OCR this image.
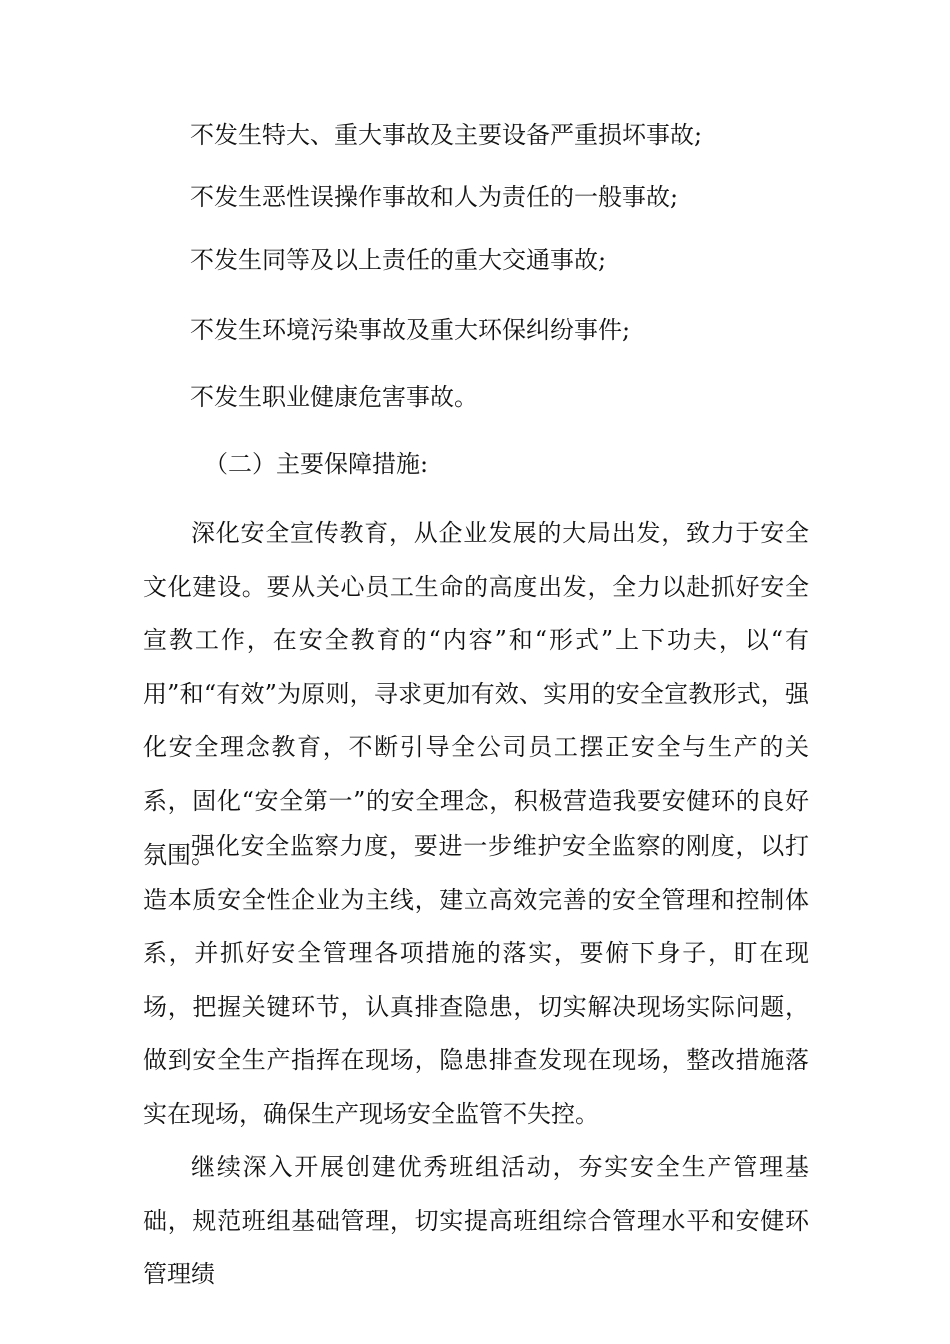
不发生特大、重大事故及主要设备严重损坏事故;
不发生恶性误操作事故和人为责任的一般事故;
不发生同等及以上责任的重大交通事故;
不发生环境污染事故及重大环保纠纷事件;
不发生职业健康危害事故。
（二）主要保障措施:

深化安全宣传教育，从企业发展的大局出发，致力于安全文化建设。要从关心员工生命的高度出发，全力以赴抓好安全宣教工作，在安全教育的“内容”和“形式”上下功夫，以“有用”和“有效”为原则，寻求更加有效、实用的安全宣教形式，强化安全理念教育，不断引导全公司员工摆正安全与生产的关系，固化“安全第一”的安全理念，积极营造我要安健环的良好氛围。

强化安全监察力度，要进一步维护安全监察的刚度，以打造本质安全性企业为主线，建立高效完善的安全管理和控制体系，并抓好安全管理各项措施的落实，要俯下身子，盯在现场，把握关键环节，认真排查隐患，切实解决现场实际问题，做到安全生产指挥在现场，隐患排查发现在现场，整改措施落实在现场，确保生产现场安全监管不失控。

继续深入开展创建优秀班组活动，夯实安全生产管理基础，规范班组基础管理，切实提高班组综合管理水平和安健环管理绩
